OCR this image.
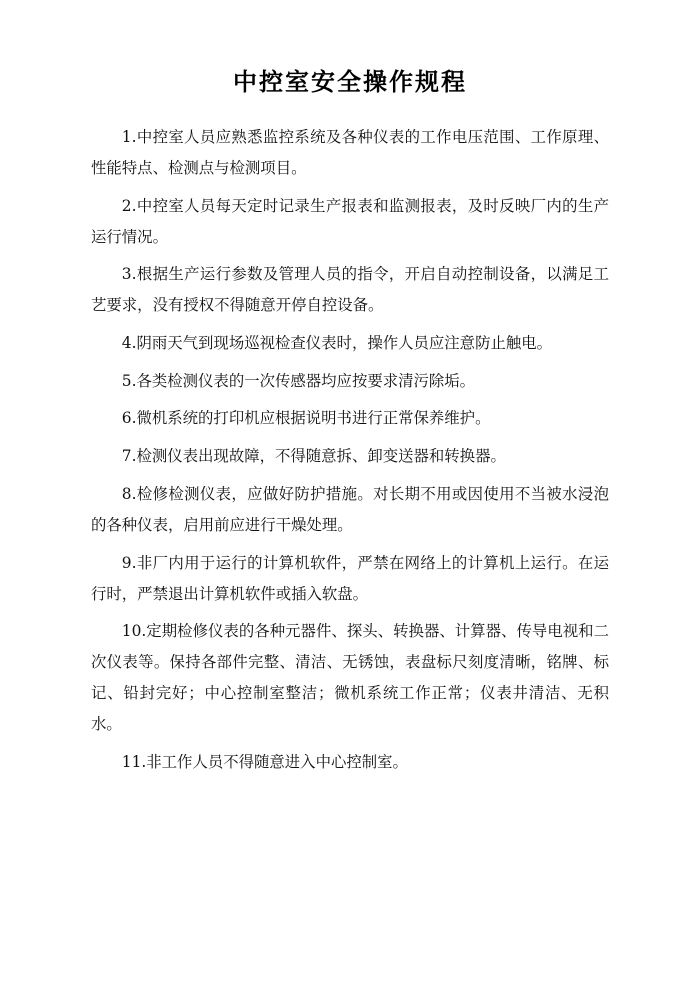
中控室安全操作规程
1.中控室人员应熟悉监控系统及各种仪表的工作电压范围、工作原理、性能特点、检测点与检测项目。
2.中控室人员每天定时记录生产报表和监测报表，及时反映厂内的生产运行情况。
3.根据生产运行参数及管理人员的指令，开启自动控制设备，以满足工艺要求，没有授权不得随意开停自控设备。
4.阴雨天气到现场巡视检查仪表时，操作人员应注意防止触电。
5.各类检测仪表的一次传感器均应按要求清污除垢。
6.微机系统的打印机应根据说明书进行正常保养维护。
7.检测仪表出现故障，不得随意拆、卸变送器和转换器。
8.检修检测仪表，应做好防护措施。对长期不用或因使用不当被水浸泡的各种仪表，启用前应进行干燥处理。
9.非厂内用于运行的计算机软件，严禁在网络上的计算机上运行。在运行时，严禁退出计算机软件或插入软盘。
10.定期检修仪表的各种元器件、探头、转换器、计算器、传导电视和二次仪表等。保持各部件完整、清洁、无锈蚀，表盘标尺刻度清晰，铭牌、标记、铅封完好；中心控制室整洁；微机系统工作正常；仪表井清洁、无积水。
11.非工作人员不得随意进入中心控制室。
